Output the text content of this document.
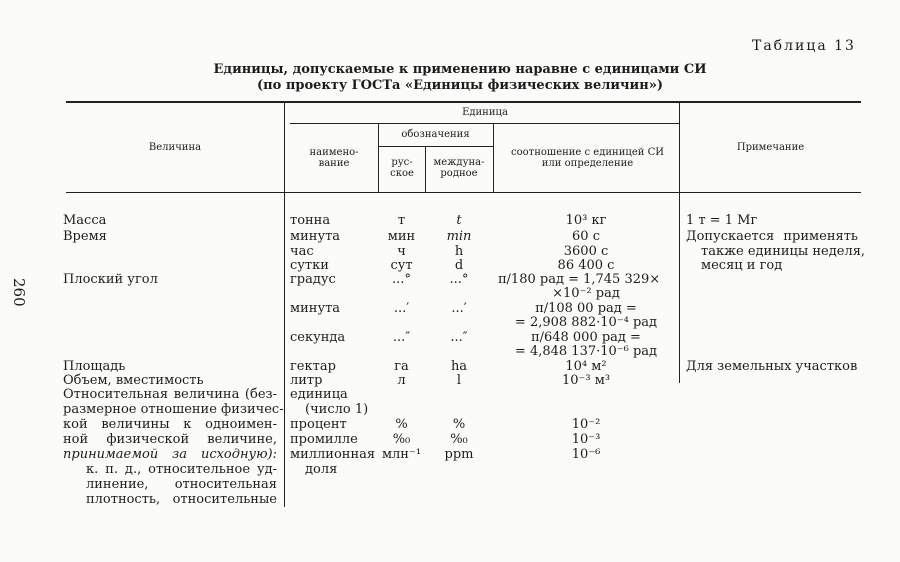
Таблица 13
Единицы, допускаемые к применению наравне с единицами СИ
(по проекту ГОСТа «Единицы физических величин»)
260
Величина
Единица
наимено-вание
обозначения
рус-ское
междуна-родное
соотношение с единицей СИ или определение
Примечание
Масса
Время
Плоский угол
Площадь
Объем, вместимость
Относительная величина (без-
размерное отношение физичес-
кой величины к одноимен-
ной физической величине,
принимаемой за исходную):
к. п. д., относительное уд-
линение, относительная
плотность, относительные
тонна
минута
час
сутки
градус
минута
секунда
гектар
литр
единица
(число 1)
процент
промилле
миллионная
доля
т
мин
ч
сут
...°
...′
...″
га
л
%
%₀
млн⁻¹
t
min
h
d
...°
...′
...″
ha
l
%
%₀
ppm
10³ кг
60 с
3600 с
86 400 с
π/180 рад = 1,745 329×
×10⁻² рад
π/108 00 рад =
= 2,908 882·10⁻⁴ рад
π/648 000 рад =
= 4,848 137·10⁻⁶ рад
10⁴ м²
10⁻³ м³
10⁻²
10⁻³
10⁻⁶
1 т = 1 Мг
Допускается применять
также единицы неделя,
месяц и год
Для земельных участков
